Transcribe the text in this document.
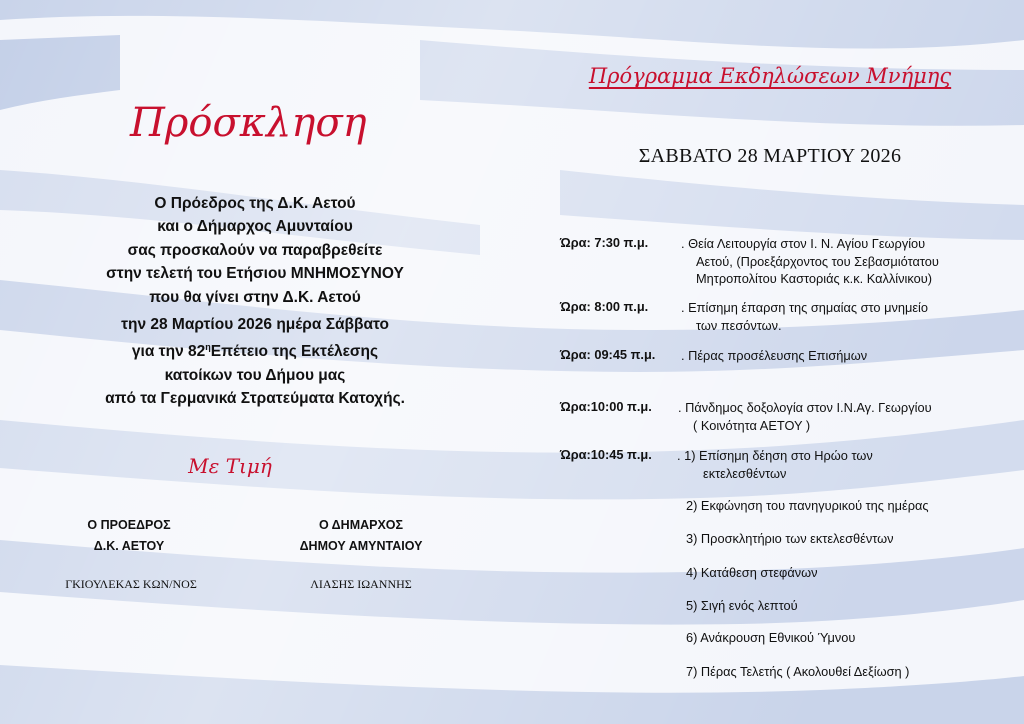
Πρόσκληση
Ο Πρόεδρος της Δ.Κ. Αετού
και ο Δήμαρχος Αμυνταίου
σας προσκαλούν να παραβρεθείτε
στην τελετή του Ετήσιου ΜΝΗΜΟΣΥΝΟΥ
που θα γίνει στην Δ.Κ. Αετού
την 28 Μαρτίου 2026 ημέρα Σάββατο
για την $82^\eta E\pi έ\tau\varepsilon\iota o$ της Εκτέλεσης
κατοίκων του Δήμου μας
από τα Γερμανικά Στρατεύματα Κατοχής.
Με Τιμή
Ο ΠΡΟΕΔΡΟΣ
Δ.Κ. ΑΕΤΟΥ
Ο ΔΗΜΑΡΧΟΣ
ΔΗΜΟΥ ΑΜΥΝΤΑΙΟΥ
ΓΚΙΟΥΛΕΚΑΣ ΚΩΝ/ΝΟΣ	ΛΙΑΣΗΣ ΙΩΑΝΝΗΣ
Πρόγραμμα Εκδηλώσεων Μνήμης
ΣΑΒΒΑΤΟ 28 ΜΑΡΤΙΟΥ 2026
Ώρα: 7:30 π.μ.	. Θεία Λειτουργία στον Ι. Ν. Αγίου Γεωργίου
Αετού, (Προεξάρχοντος του Σεβασμιότατου
Μητροπολίτου Καστοριάς κ.κ. Καλλίνικου)
Ώρα: 8:00 π.μ.	. Επίσημη έπαρση της σημαίας στο μνημείο
των πεσόντων.
Ώρα: 09:45 π.μ.	. Πέρας προσέλευσης Επισήμων
Ώρα:10:00 π.μ.	. Πάνδημος δοξολογία στον Ι.Ν.Αγ. Γεωργίου
( Κοινότητα ΑΕΤΟΥ )
Ώρα:10:45 π.μ.	. 1) Επίσημη δέηση στο Ηρώο των
εκτελεσθέντων
2) Εκφώνηση του πανηγυρικού της ημέρας
3) Προσκλητήριο των εκτελεσθέντων
4) Κατάθεση στεφάνων
5) Σιγή ενός λεπτού
6) Ανάκρουση Εθνικού Ύμνου
7) Πέρας Τελετής ( Ακολουθεί Δεξίωση )
